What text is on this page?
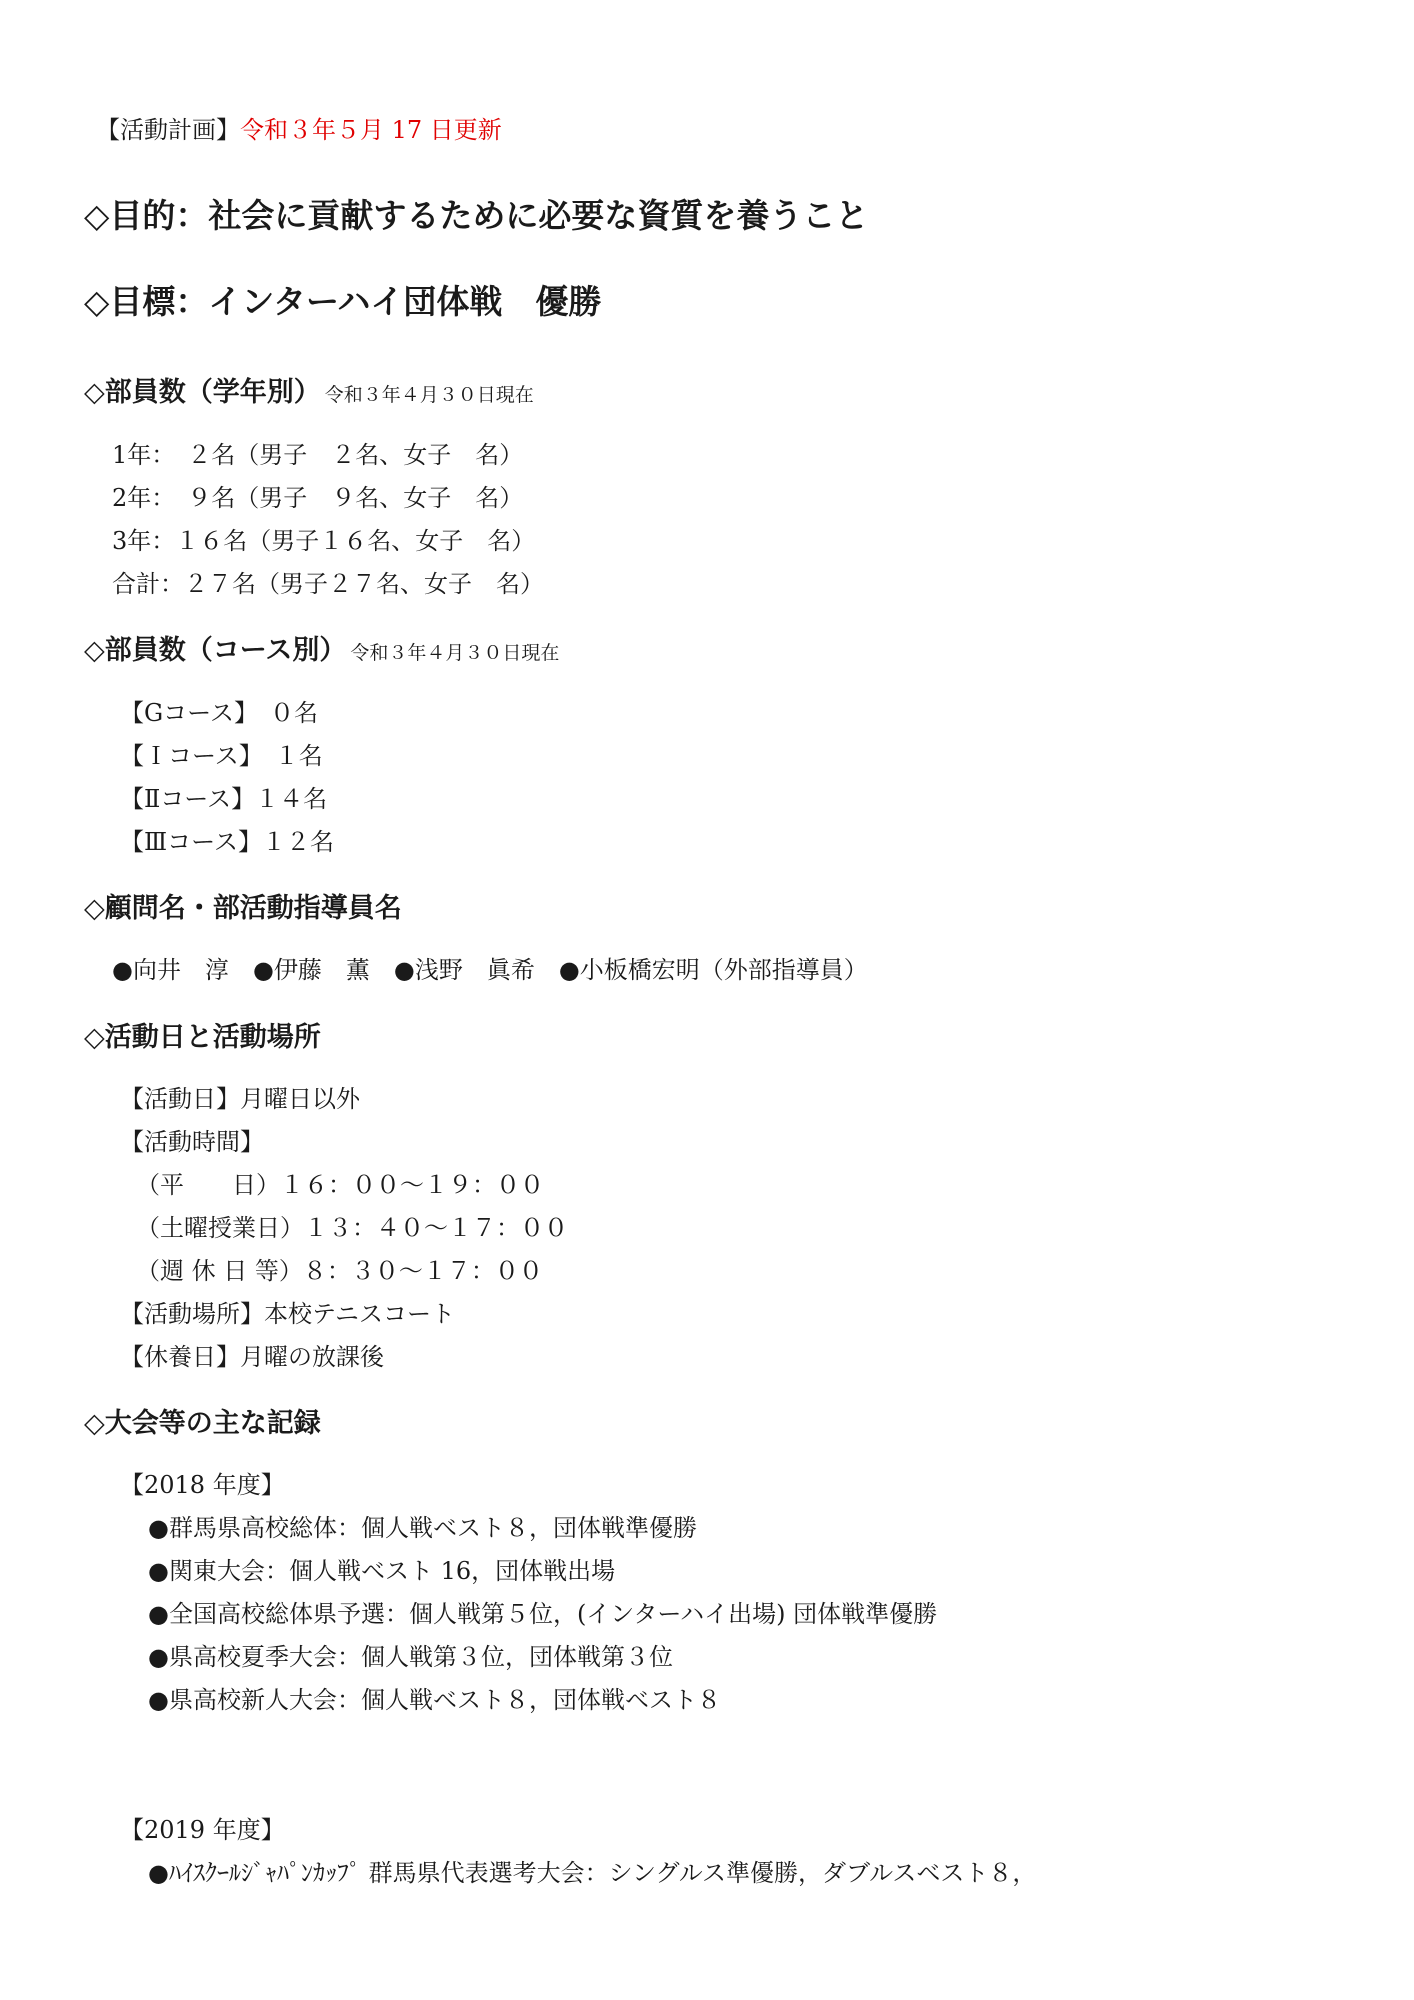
【活動計画】令和３年５月 17 日更新
◇目的：社会に貢献するために必要な資質を養うこと
◇目標：インターハイ団体戦　優勝
◇部員数（学年別） 令和３年４月３０日現在
1年：　２名（男子　２名、女子　名）
2年：　９名（男子　９名、女子　名）
3年：１６名（男子１６名、女子　名）
合計：２７名（男子２７名、女子　名）
◇部員数（コース別） 令和３年４月３０日現在
【Gコース】　０名
【Ｉコース】　１名
【Ⅱコース】１４名
【Ⅲコース】１２名
◇顧問名・部活動指導員名
●向井　淳　●伊藤　薫　●浅野　眞希　●小板橋宏明（外部指導員）
◇活動日と活動場所
【活動日】月曜日以外
【活動時間】
（平　　日）１６：００～１９：００
（土曜授業日）１３：４０～１７：００
（週 休 日 等）８：３０～１７：００
【活動場所】本校テニスコート
【休養日】月曜の放課後
◇大会等の主な記録
【2018 年度】
●群馬県高校総体：個人戦ベスト８，団体戦準優勝
●関東大会：個人戦ベスト 16，団体戦出場
●全国高校総体県予選：個人戦第５位，(インターハイ出場) 団体戦準優勝
●県高校夏季大会：個人戦第３位，団体戦第３位
●県高校新人大会：個人戦ベスト８，団体戦ベスト８
【2019 年度】
●ﾊｲｽｸｰﾙｼﾞｬﾊﾟﾝｶｯﾌﾟ 群馬県代表選考大会：シングルス準優勝，ダブルスベスト８，
